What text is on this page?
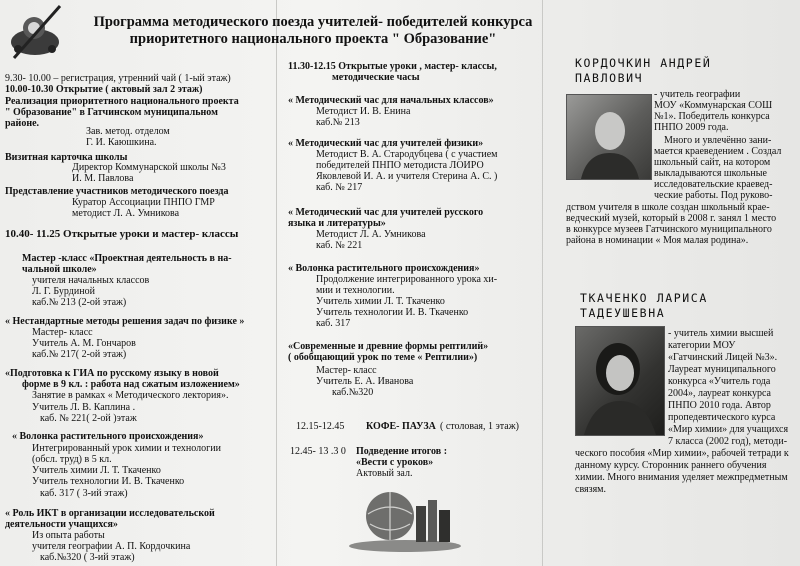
Программа методического поезда учителей- победителей конкурса
приоритетного национального проекта " Образование"
9.30- 10.00 – регистрация, утренний чай ( 1-ый этаж)
10.00-10.30 Открытие ( актовый зал 2 этаж)
Реализация приоритетного национального проекта
" Образование" в Гатчинском муниципальном
районе.
Зав. метод. отделом
Г. И. Каюшкина.
Визитная карточка школы
Директор Коммунарской школы №3
И. М. Павлова
Представление участников методического поезда
Куратор Ассоциации ПНПО ГМР
методист Л. А. Умникова
10.40- 11.25 Открытые уроки и мастер- классы
Мастер -класс «Проектная деятельность в на-
чальной школе»
учителя начальных классов
Л. Г. Бурдиной
каб.№ 213 (2-ой этаж)
« Нестандартные методы решения задач по физике »
Мастер- класс
Учитель А. М. Гончаров
каб.№ 217( 2-ой этаж)
«Подготовка к ГИА по русскому языку в новой
форме в 9 кл. : работа над сжатым изложением»
Занятие в рамках « Методического лектория».
Учитель Л. В. Каплина .
каб. № 221( 2-ой )этаж
« Волонка растительного происхождения»
Интегрированный урок химии и технологии
(обсл. труд) в 5 кл.
Учитель химии Л. Т. Ткаченко
Учитель технологии И. В. Ткаченко
каб. 317 ( 3-ий этаж)
« Роль ИКТ в организации исследовательской
деятельности учащихся»
Из опыта работы
учителя географии А. П. Кордочкина
каб.№320 ( 3-ий этаж)
11.30-12.15 Открытые уроки , мастер- классы,
методические часы
« Методический час для начальных классов»
Методист И. В. Енина
каб.№ 213
« Методический час для учителей физики»
Методист В. А. Стародубцева ( с участием
победителей ПНПО методиста ЛОИРО
Яковлевой И. А. и учителя Стерина А. С. )
каб. № 217
« Методический час для учителей русского
языка и литературы»
Методист Л. А. Умникова
каб. № 221
« Волонка растительного происхождения»
Продолжение интегрированного урока хи-
мии и технологии.
Учитель химии Л. Т. Ткаченко
Учитель технологии И. В. Ткаченко
каб. 317
«Современные и древние формы рептилий»
( обобщающий урок по теме « Рептилии»)
Мастер- класс
Учитель Е. А. Иванова
каб.№320
12.15-12.45 КОФЕ- ПАУЗА ( столовая, 1 этаж)
12.45- 13 .3 0 Подведение итогов :
«Вести с уроков»
Актовый зал.
КОРДОЧКИН АНДРЕЙ
ПАВЛОВИЧ
- учитель географии
МОУ «Коммунарская СОШ
№1». Победитель конкурса
ПНПО 2009 года.
Много и увлечённо зани-
мается краеведением . Создал
школьный сайт, на котором
выкладываются школьные
исследовательские краевед-
ческие работы. Под руково-
дством учителя в школе создан школьный крае-
ведческий музей, который в 2008 г. занял 1 место
в конкурсе музеев Гатчинского муниципального
района в номинации « Моя малая родина».
ТКАЧЕНКО ЛАРИСА
ТАДЕУШЕВНА
- учитель химии высшей
категории МОУ
«Гатчинский Лицей №3».
Лауреат муниципального
конкурса «Учитель года
2004», лауреат конкурса
ПНПО 2010 года. Автор
пропедевтического курса
«Мир химии» для учащихся
7 класса (2002 год), методи-
ческого пособия «Мир химии», рабочей тетради к
данному курсу. Сторонник раннего обучения
химии. Много внимания уделяет межпредметным
связям.
